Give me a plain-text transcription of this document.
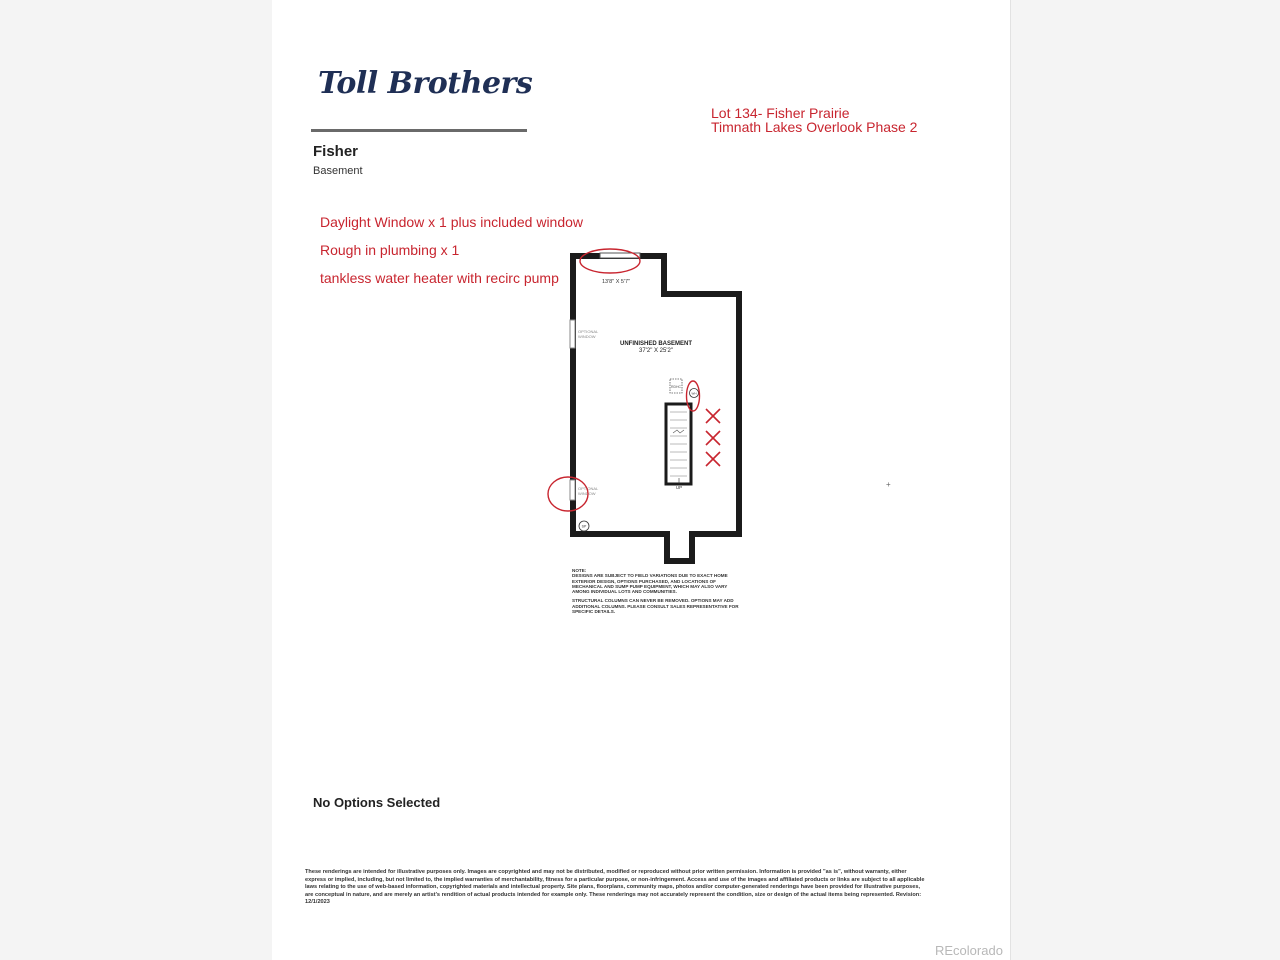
Toll Brothers
Fisher
Basement
Lot 134- Fisher Prairie
Timnath Lakes Overlook Phase 2
Daylight Window x 1 plus included window
Rough in plumbing x 1
tankless water heater with recirc pump	13'8" X 5'7"
OPTIONAL
WINDOW
OPTIONAL
WINDOW
UNFINISHED BASEMENT
37'2" X 25'2"
RDHC
WH
UP
SP
+

NOTE:
DESIGNS ARE SUBJECT TO FIELD VARIATIONS DUE TO EXACT HOME EXTERIOR DESIGN, OPTIONS PURCHASED, AND LOCATIONS OF MECHANICAL AND SUMP PUMP EQUIPMENT, WHICH MAY ALSO VARY AMONG INDIVIDUAL LOTS AND COMMUNITIES.

STRUCTURAL COLUMNS CAN NEVER BE REMOVED. OPTIONS MAY ADD ADDITIONAL COLUMNS. PLEASE CONSULT SALES REPRESENTATIVE FOR SPECIFIC DETAILS.

No Options Selected
These renderings are intended for illustrative purposes only. Images are copyrighted and may not be distributed, modified or reproduced without prior written permission. Information is provided "as is", without warranty, either express or implied, including, but not limited to, the implied warranties of merchantability, fitness for a particular purpose, or non-infringement. Access and use of the images and affiliated products or links are subject to all applicable laws relating to the use of web-based information, copyrighted materials and intellectual property. Site plans, floorplans, community maps, photos and/or computer-generated renderings have been provided for illustrative purposes, are conceptual in nature, and are merely an artist's rendition of actual products intended for example only. These renderings may not accurately represent the condition, size or design of the actual items being represented. Revision: 12/1/2023
REcolorado
